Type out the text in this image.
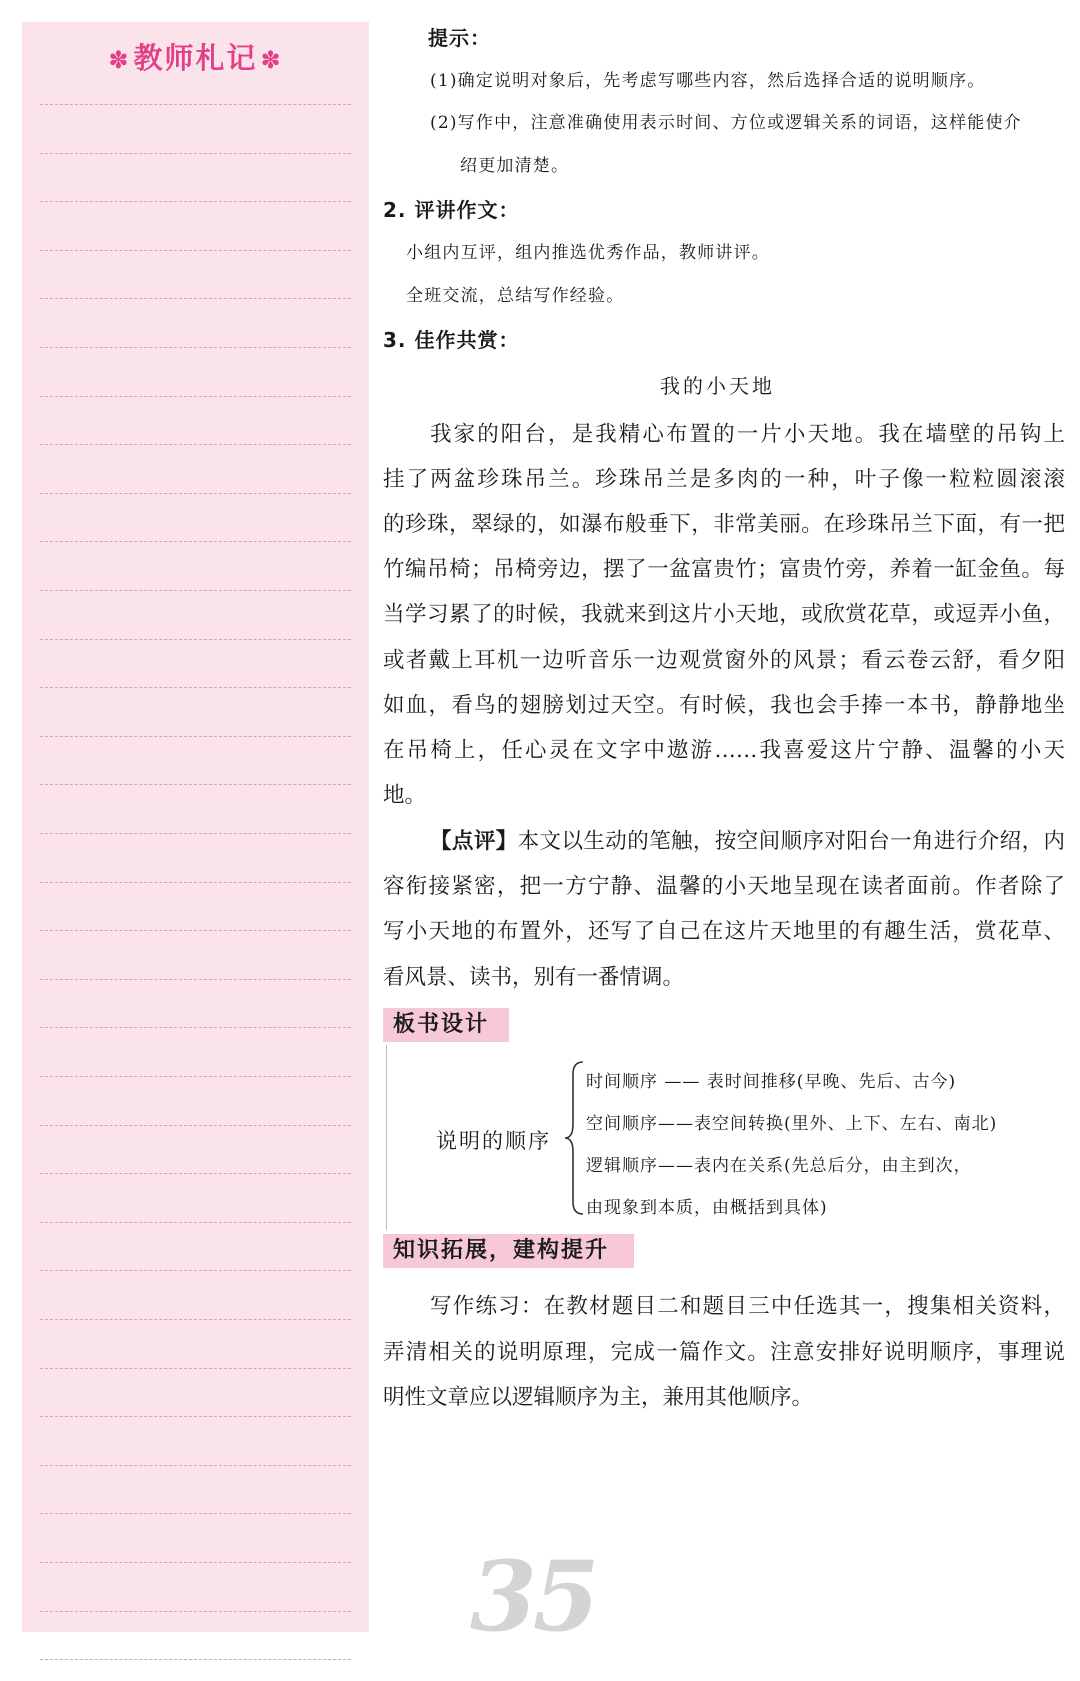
✽ 教师札记 ✽
提示：
(1)确定说明对象后，先考虑写哪些内容，然后选择合适的说明顺序。
(2)写作中，注意准确使用表示时间、方位或逻辑关系的词语，这样能使介
绍更加清楚。
2. 评讲作文：
小组内互评，组内推选优秀作品，教师讲评。
全班交流，总结写作经验。
3. 佳作共赏：
我的小天地
我家的阳台，是我精心布置的一片小天地。我在墙壁的吊钩上
挂了两盆珍珠吊兰。珍珠吊兰是多肉的一种，叶子像一粒粒圆滚滚
的珍珠，翠绿的，如瀑布般垂下，非常美丽。在珍珠吊兰下面，有一把
竹编吊椅；吊椅旁边，摆了一盆富贵竹；富贵竹旁，养着一缸金鱼。每
当学习累了的时候，我就来到这片小天地，或欣赏花草，或逗弄小鱼，
或者戴上耳机一边听音乐一边观赏窗外的风景；看云卷云舒，看夕阳
如血，看鸟的翅膀划过天空。有时候，我也会手捧一本书，静静地坐
在吊椅上，任心灵在文字中遨游……我喜爱这片宁静、温馨的小天
地。
【点评】本文以生动的笔触，按空间顺序对阳台一角进行介绍，内
容衔接紧密，把一方宁静、温馨的小天地呈现在读者面前。作者除了
写小天地的布置外，还写了自己在这片天地里的有趣生活，赏花草、
看风景、读书，别有一番情调。
板书设计
说明的顺序
时间顺序 —— 表时间推移(早晚、先后、古今)
空间顺序——表空间转换(里外、上下、左右、南北)
逻辑顺序——表内在关系(先总后分，由主到次，
由现象到本质，由概括到具体)
知识拓展，建构提升
写作练习：在教材题目二和题目三中任选其一，搜集相关资料，
弄清相关的说明原理，完成一篇作文。注意安排好说明顺序，事理说
明性文章应以逻辑顺序为主，兼用其他顺序。
35
